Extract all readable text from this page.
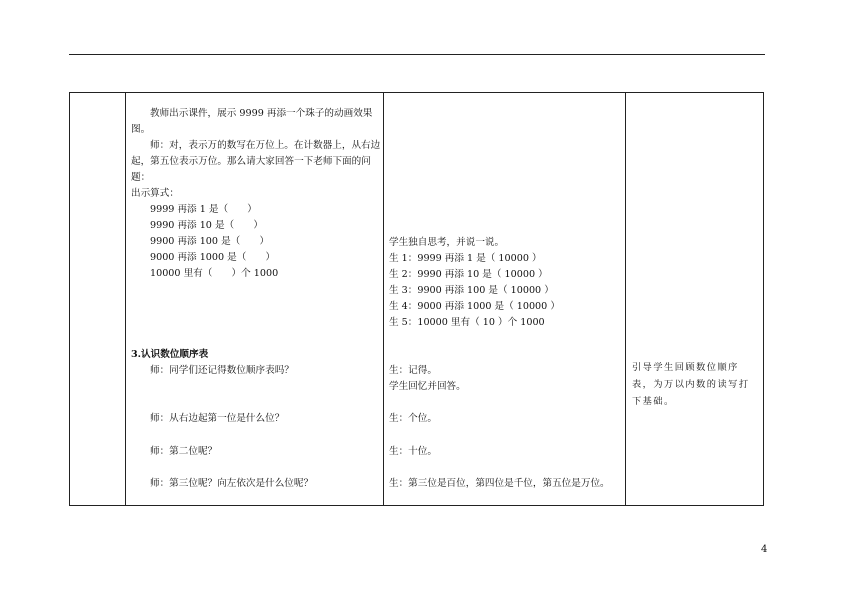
教师出示课件，展示 9999 再添一个珠子的动画效果图。
师：对，表示万的数写在万位上。在计数器上，从右边起，第五位表示万位。那么请大家回答一下老师下面的问题：
出示算式：
9999 再添 1 是（　　）
9990 再添 10 是（　　）
9900 再添 100 是（　　）
9000 再添 1000 是（　　）
10000 里有（　　）个 1000
3.认识数位顺序表
师：同学们还记得数位顺序表吗？
师：从右边起第一位是什么位？
师：第二位呢？
师：第三位呢？向左依次是什么位呢？
学生独自思考，并说一说。
生 1：9999 再添 1 是（ 10000 ）
生 2：9990 再添 10 是（ 10000 ）
生 3：9900 再添 100 是（ 10000 ）
生 4：9000 再添 1000 是（ 10000 ）
生 5：10000 里有（ 10 ）个 1000
生：记得。
学生回忆并回答。
生：个位。
生：十位。
生：第三位是百位，第四位是千位，第五位是万位。
引导学生回顾数位顺序表，为万以内数的读写打下基础。
4
